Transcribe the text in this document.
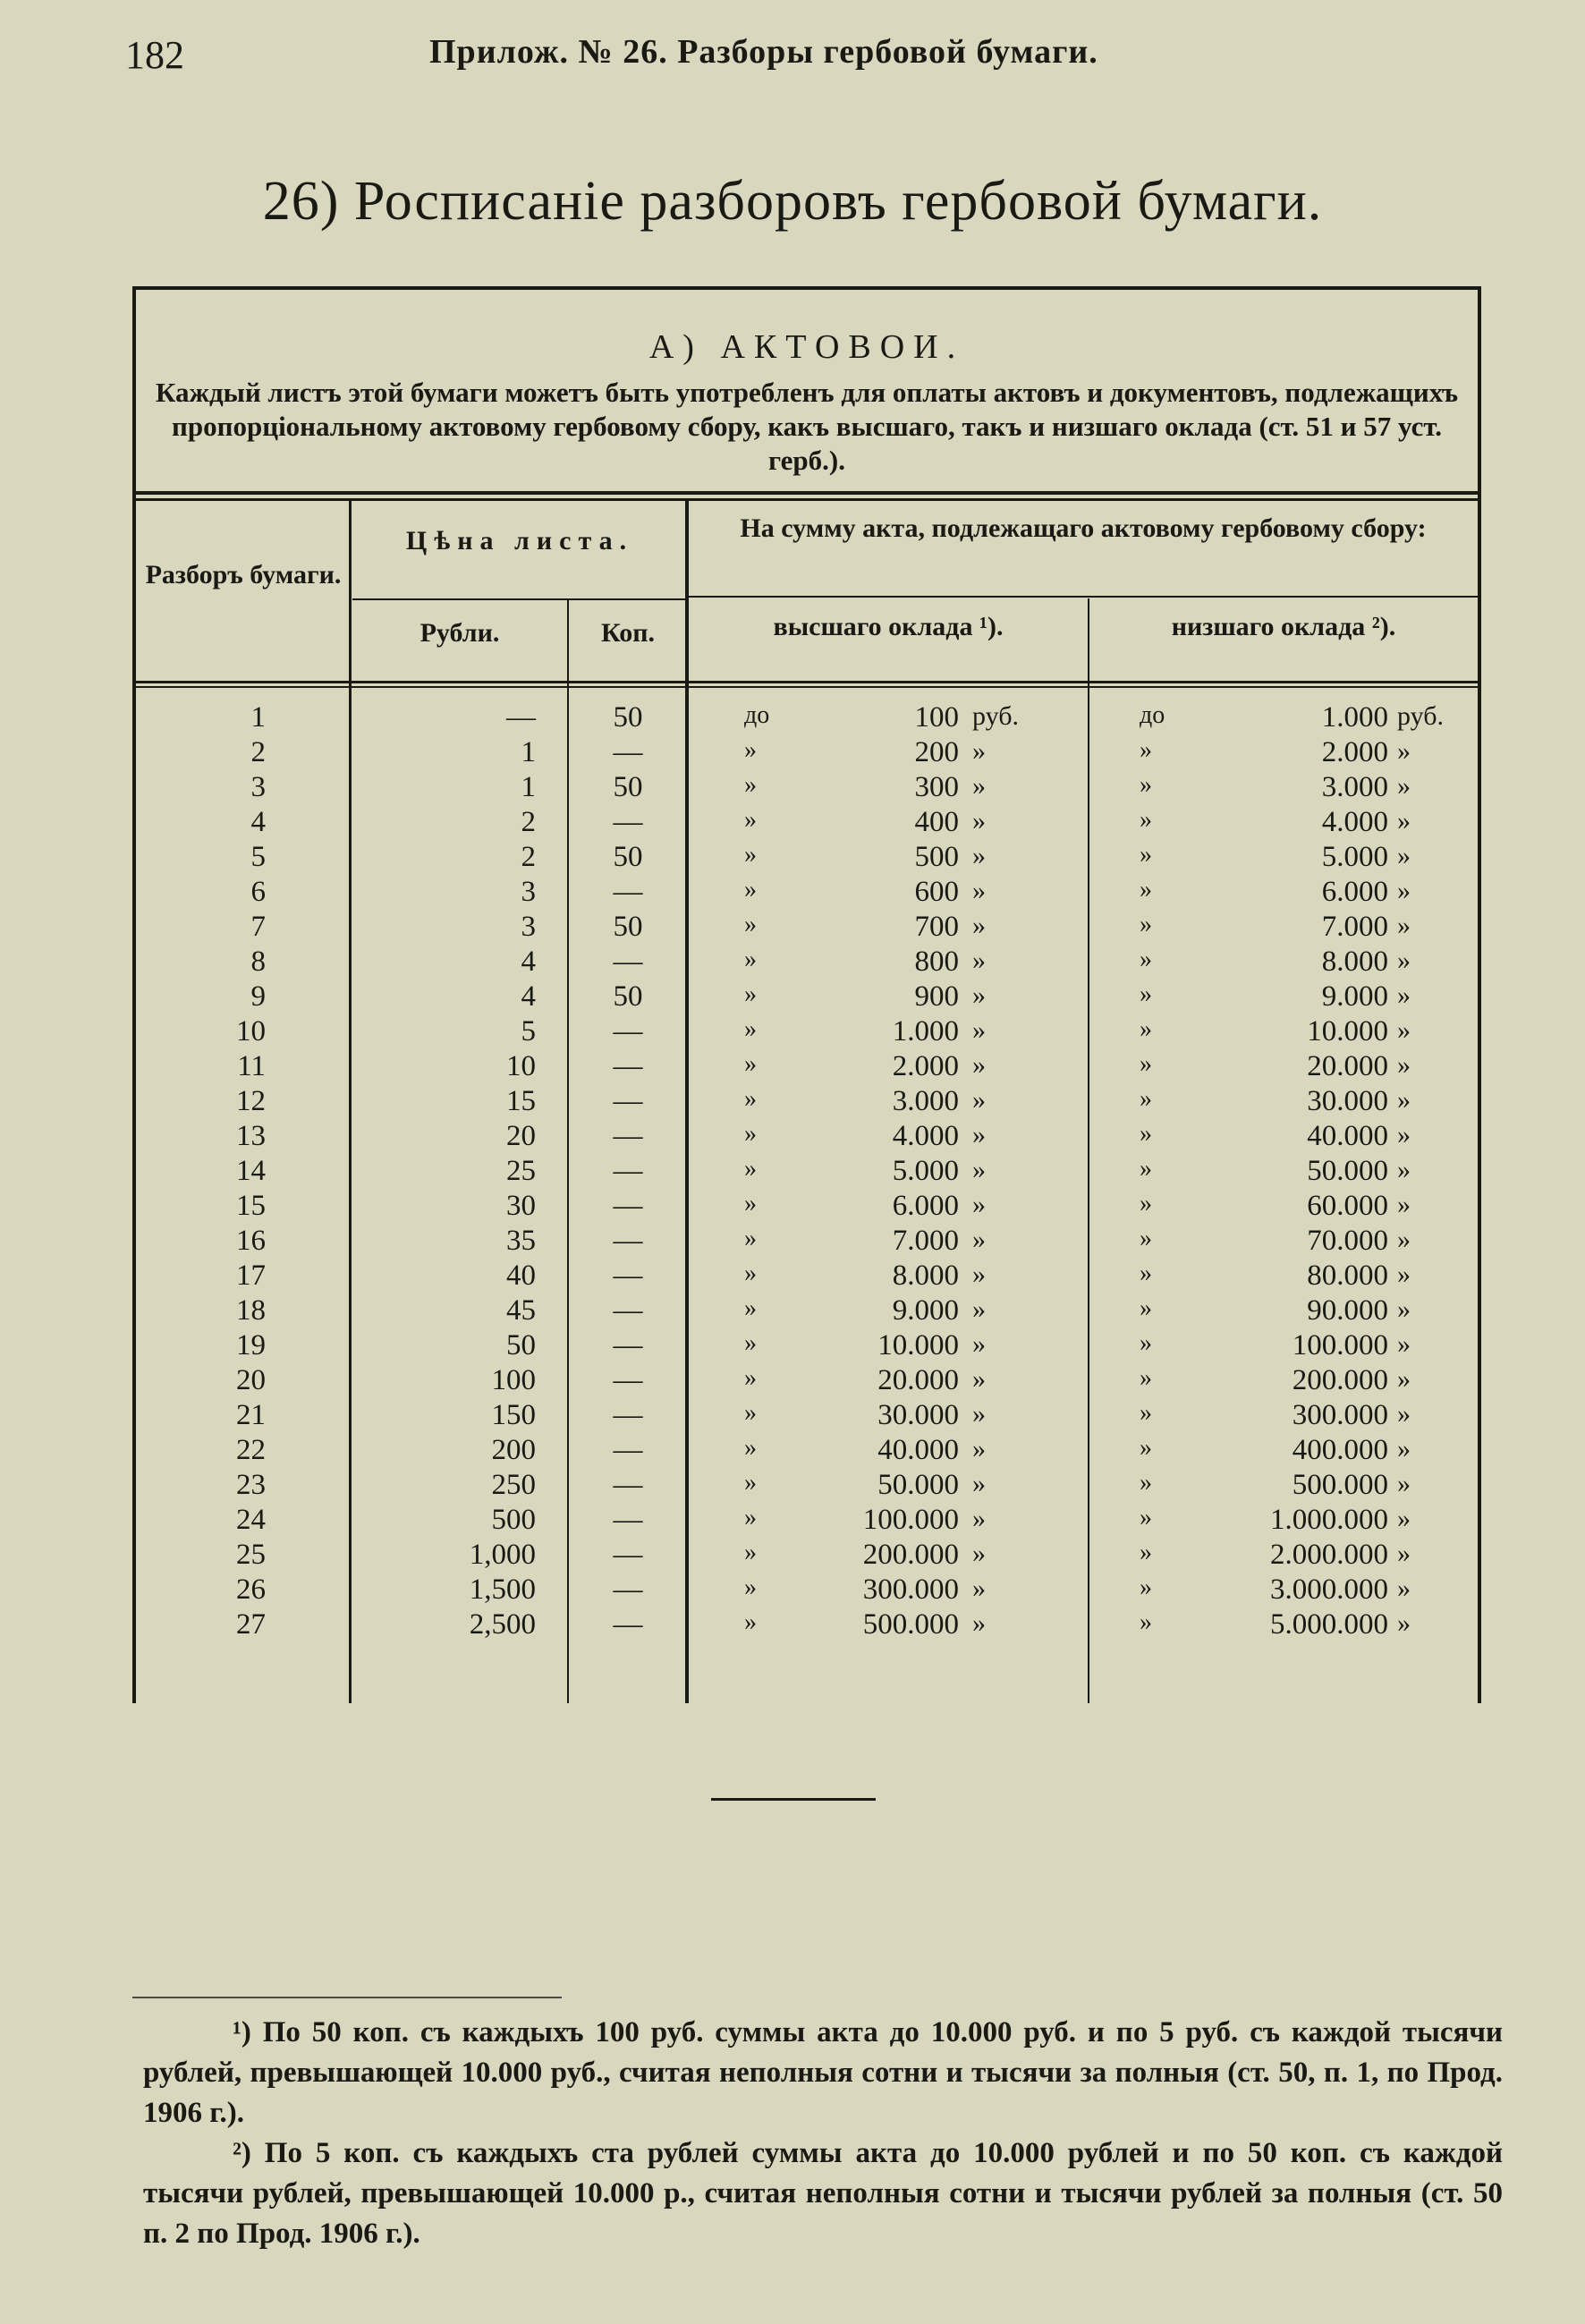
182	Прилож. № 26. Разборы гербовой бумаги.
26) Росписаніе разборовъ гербовой бумаги.
А) АКТОВОИ.
Каждый листъ этой бумаги можетъ быть употребленъ для оплаты актовъ и документовъ, подлежащихъ пропорціональному актовому гербовому сбору, какъ высшаго, такъ и низшаго оклада (ст. 51 и 57 уст. герб.).
Разборъ бумаги.
Цѣна листа.
Рубли.	Коп.
На сумму акта, подлежащаго актовому гербовому сбору:
высшаго оклада ¹).	низшаго оклада ²).
1	—	50	до	100 руб.	до	1.000 руб.
2	1	—	»	200 »	»	2.000 »
3	1	50	»	300 »	»	3.000 »
4	2	—	»	400 »	»	4.000 »
5	2	50	»	500 »	»	5.000 »
6	3	—	»	600 »	»	6.000 »
7	3	50	»	700 »	»	7.000 »
8	4	—	»	800 »	»	8.000 »
9	4	50	»	900 »	»	9.000 »
10	5	—	»	1.000 »	»	10.000 »
11	10	—	»	2.000 »	»	20.000 »
12	15	—	»	3.000 »	»	30.000 »
13	20	—	»	4.000 »	»	40.000 »
14	25	—	»	5.000 »	»	50.000 »
15	30	—	»	6.000 »	»	60.000 »
16	35	—	»	7.000 »	»	70.000 »
17	40	—	»	8.000 »	»	80.000 »
18	45	—	»	9.000 »	»	90.000 »
19	50	—	»	10.000 »	»	100.000 »
20	100	—	»	20.000 »	»	200.000 »
21	150	—	»	30.000 »	»	300.000 »
22	200	—	»	40.000 »	»	400.000 »
23	250	—	»	50.000 »	»	500.000 »
24	500	—	»	100.000 »	»	1.000.000 »
25	1,000	—	»	200.000 »	»	2.000.000 »
26	1,500	—	»	300.000 »	»	3.000.000 »
27	2,500	—	»	500.000 »	»	5.000.000 »

¹) По 50 коп. съ каждыхъ 100 руб. суммы акта до 10.000 руб. и по 5 руб. съ каждой тысячи рублей, превышающей 10.000 руб., считая неполныя сотни и тысячи за полныя (ст. 50, п. 1, по Прод. 1906 г.).

²) По 5 коп. съ каждыхъ ста рублей суммы акта до 10.000 рублей и по 50 коп. съ каждой тысячи рублей, превышающей 10.000 р., считая неполныя сотни и тысячи рублей за полныя (ст. 50 п. 2 по Прод. 1906 г.).
